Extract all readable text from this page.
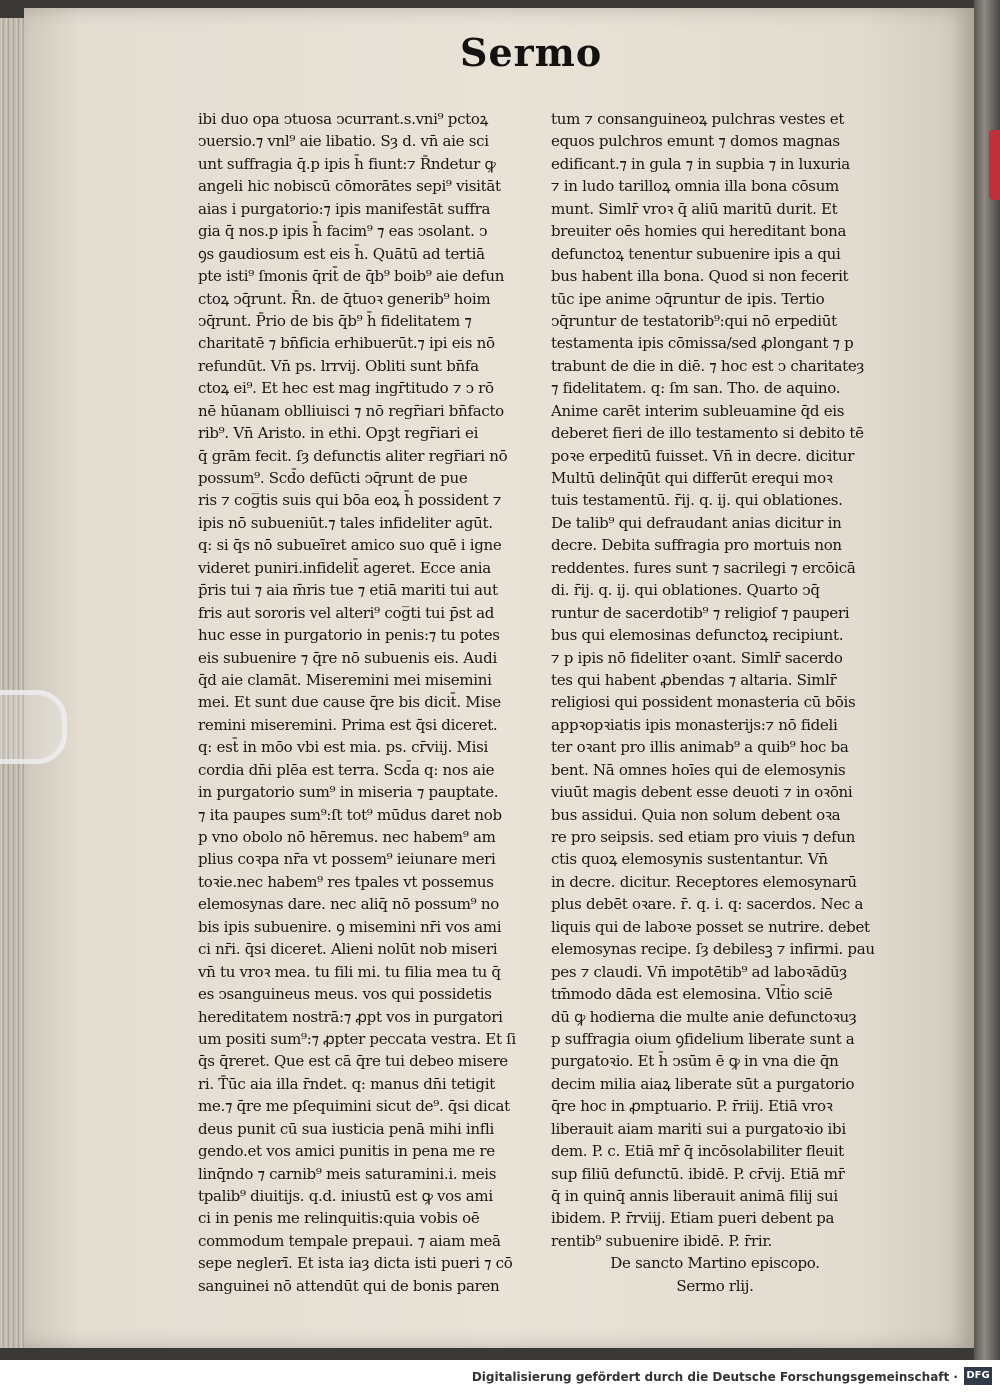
Sermo
ibi duo opa ↄtuosa ↄcurrant.s.vni⁹ pctoꝝ
ↄuersio.⁊ vnl⁹ aie libatio. Sȝ d. vn̄ aie sci
unt suffragia q̄.p ipis h̄ fiunt:⁊ R̄ndetur ꝙ
angeli hic nobiscū cōmorātes sepi⁹ visitāt
aias i purgatorio:⁊ ipis manifestāt suffra
gia q̄ nos.p ipis h̄ facim⁹ ⁊ eas ↄsolant. ↄ
ꝯs gaudiosum est eis h̄. Quātū ad tertiā
pte isti⁹ ſmonis q̄rit̄ de q̄b⁹ boib⁹ aie defun
ctoꝝ ↄq̄runt. R̄n. de q̄tuoꝛ generib⁹ hoim
ↄq̄runt. P̄rio de bis q̄b⁹ h̄ fidelitatem ⁊
charitatē ⁊ bn̄ficia erhibuerūt.⁊ ipi eis nō
refundūt. Vn̄ ps. lrrvij. Obliti sunt bn̄fa
ctoꝝ ei⁹. Et hec est mag ingr̄titudo ⁊ ↄ rō
nē hūanam oblliuisci ⁊ nō regr̄iari bn̄facto
rib⁹. Vn̄ Aristo. in ethi. Opꝫt regr̄iari ei
q̄ grām fecit. ſȝ defunctis aliter regr̄iari nō
possum⁹. Scd̄o defūcti ↄq̄runt de pue
ris ⁊ cog̅tis suis qui bōa eoꝝ h̄ possident ⁊
ipis nō subueniūt.⁊ tales infideliter agūt.
q: si q̄s nō subueīret amico suo quē i igne
videret puniri.infidelit̄ ageret. Ecce ania
p̄ris tui ⁊ aia m̄ris tue ⁊ etiā mariti tui aut
fris aut sororis vel alteri⁹ cog̅ti tui p̄st ad
huc esse in purgatorio in penis:⁊ tu potes
eis subuenire ⁊ q̄re nō subuenis eis. Audi
q̄d aie clamāt. Miseremini mei misemini
mei. Et sunt due cause q̄re bis dicit̄. Mise
remini miseremini. Prima est q̄si diceret.
q: est̄ in mōo vbi est mia. ps. cr̄viij. Misi
cordia dn̄i plēa est terra. Scd̄a q: nos aie
in purgatorio sum⁹ in miseria ⁊ pauptate.
⁊ ita paupes sum⁹:ſt tot⁹ mūdus daret nob
p vno obolo nō hēremus. nec habem⁹ am
plius coꝛpa nr̄a vt possem⁹ ieiunare meri
toꝛie.nec habem⁹ res tpales vt possemus
elemosynas dare. nec aliq̄ nō possum⁹ no
bis ipis subuenire. ꝯ misemini nr̄i vos ami
ci nr̄i. q̄si diceret. Alieni nolūt nob miseri
vn̄ tu vroꝛ mea. tu fili mi. tu filia mea tu q̄
es ↄsanguineus meus. vos qui possidetis
hereditatem nostrā:⁊ ꝓpt vos in purgatori
um positi sum⁹:⁊ ꝓpter peccata vestra. Et ſi
q̄s q̄reret. Que est cā q̄re tui debeo misere
ri. T̄ūc aia illa r̄ndet. q: manus dn̄i tetigit
me.⁊ q̄re me pſequimini sicut de⁹. q̄si dicat
deus punit cū sua iusticia penā mihi infli
gendo.et vos amici punitis in pena me re
linq̄ndo ⁊ carnib⁹ meis saturamini.i. meis
tpalib⁹ diuitijs. q.d. iniustū est ꝙ vos ami
ci in penis me relinquitis:quia vobis oē
commodum tempale prepaui. ⁊ aiam meā
sepe neglerī. Et ista iaȝ dicta isti pueri ⁊ cō
sanguinei nō attendūt qui de bonis paren
tum ⁊ consanguineoꝝ pulchras vestes et
equos pulchros emunt ⁊ domos magnas
edificant.⁊ in gula ⁊ in supbia ⁊ in luxuria
⁊ in ludo tarilloꝝ omnia illa bona cōsum
munt. Simlr̄ vroꝛ q̄ aliū maritū durit. Et
breuiter oēs homies qui hereditant bona
defunctoꝝ tenentur subuenire ipis a qui
bus habent illa bona. Quod si non fecerit
tūc ipe anime ↄq̄runtur de ipis. Tertio
ↄq̄runtur de testatorib⁹:qui nō erpediūt
testamenta ipis cōmissa/sed ꝓlongant ⁊ p
trabunt de die in diē. ⁊ hoc est ↄ charitateȝ
⁊ fidelitatem. q: ſm san. Tho. de aquino.
Anime carēt interim subleuamine q̄d eis
deberet fieri de illo testamento si debito tē
poꝛe erpeditū fuisset. Vn̄ in decre. dicitur
Multū delinq̄ūt qui differūt erequi moꝛ
tuis testamentū. r̄ij. q. ij. qui oblationes.
De talib⁹ qui defraudant anias dicitur in
decre. Debita suffragia pro mortuis non
reddentes. fures sunt ⁊ sacrilegi ⁊ ercōicā
di. r̄ij. q. ij. qui oblationes. Quarto ↄq̄
runtur de sacerdotib⁹ ⁊ religiof ⁊ pauperi
bus qui elemosinas defunctoꝝ recipiunt.
⁊ p ipis nō fideliter oꝛant. Simlr̄ sacerdo
tes qui habent ꝓbendas ⁊ altaria. Simlr̄
religiosi qui possident monasteria cū bōis
appꝛopꝛiatis ipis monasterijs:⁊ nō fideli
ter oꝛant pro illis animab⁹ a quib⁹ hoc ba
bent. Nā omnes hoīes qui de elemosynis
viuūt magis debent esse deuoti ⁊ in oꝛōni
bus assidui. Quia non solum debent oꝛa
re pro seipsis. sed etiam pro viuis ⁊ defun
ctis quoꝝ elemosynis sustentantur. Vn̄
in decre. dicitur. Receptores elemosynarū
plus debēt oꝛare. r̄. q. i. q: sacerdos. Nec a
liquis qui de laboꝛe posset se nutrire. debet
elemosynas recipe. ſȝ debilesꝫ ⁊ infirmi. pau
pes ⁊ claudi. Vn̄ impotētib⁹ ad laboꝛādūȝ
tm̄modo dāda est elemosina. Vlt̄io sciē
dū ꝙ hodierna die multe anie defunctoꝛuȝ
p suffragia oium ꝯfidelium liberate sunt a
purgatoꝛio. Et h̄ ↄsūm ē ꝙ in vna die q̄n
decim milia aiaꝝ liberate sūt a purgatorio
q̄re hoc in ꝓmptuario. P. r̄riij. Etiā vroꝛ
liberauit aiam mariti sui a purgatoꝛio ibi
dem. P. c. Etiā mr̄ q̄ incōsolabiliter fleuit
sup filiū defunctū. ibidē. P. cr̄vij. Etiā mr̄
q̄ in quinq̄ annis liberauit animā filij sui
ibidem. P. r̄rviij. Etiam pueri debent pa
rentib⁹ subuenire ibidē. P. r̄rir.
De sancto Martino episcopo.
Sermo rlij.
Digitalisierung gefördert durch die Deutsche Forschungsgemeinschaft · DFG
